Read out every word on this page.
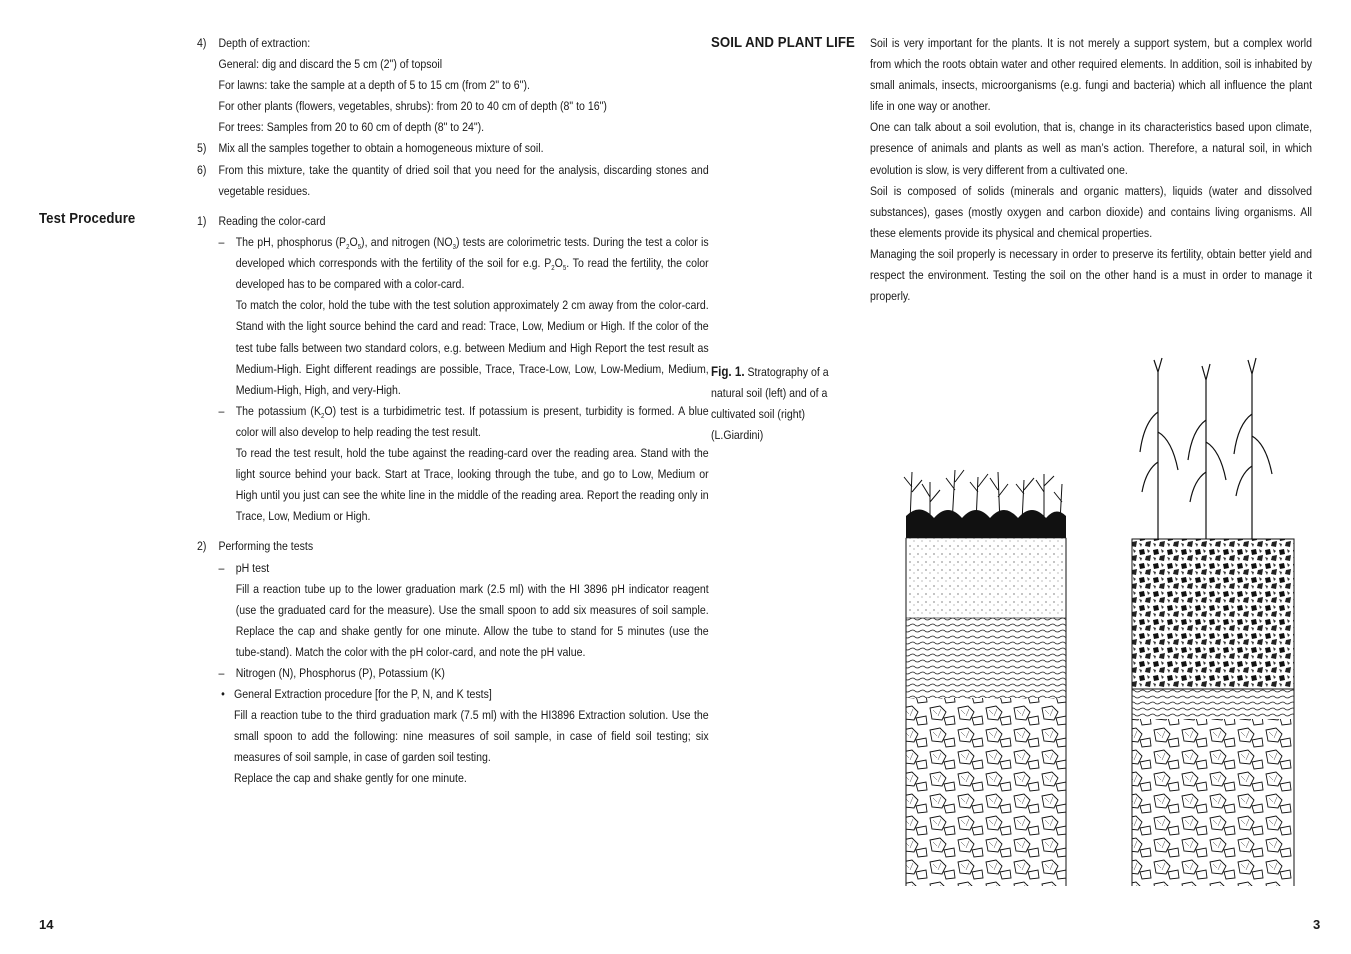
4) Depth of extraction:
General: dig and discard the 5 cm (2") of topsoil
For lawns: take the sample at a depth of 5 to 15 cm (from 2" to 6").
For other plants (flowers, vegetables, shrubs): from 20 to 40 cm of depth (8" to 16")
For trees: Samples from 20 to 60 cm of depth (8" to 24").
5) Mix all the samples together to obtain a homogeneous mixture of soil.
6) From this mixture, take the quantity of dried soil that you need for the analysis, discarding stones and vegetable residues.
Test Procedure	1) Reading the color-card
– The pH, phosphorus $(P_2O_5)$, and nitrogen $(NO_3)$ tests are colorimetric tests. During the test a color is developed which corresponds with the fertility of the soil for e.g. $P_2O_5$. To read the fertility, the color developed has to be compared with a color-card.
To match the color, hold the tube with the test solution approximately 2 cm away from the color-card. Stand with the light source behind the card and read: Trace, Low, Medium or High. If the color of the test tube falls between two standard colors, e.g. between Medium and High Report the test result as Medium-High. Eight different readings are possible, Trace, Trace-Low, Low, Low-Medium, Medium, Medium-High, High, and very-High.
– The potassium $(K_2O)$ test is a turbidimetric test. If potassium is present, turbidity is formed. A blue color will also develop to help reading the test result.
To read the test result, hold the tube against the reading-card over the reading area. Stand with the light source behind your back. Start at Trace, looking through the tube, and go to Low, Medium or High until you just can see the white line in the middle of the reading area. Report the reading only in Trace, Low, Medium or High.
2) Performing the tests
– pH test
Fill a reaction tube up to the lower graduation mark (2.5 ml) with the HI 3896 pH indicator reagent (use the graduated card for the measure). Use the small spoon to add six measures of soil sample. Replace the cap and shake gently for one minute. Allow the tube to stand for 5 minutes (use the tube-stand). Match the color with the pH color-card, and note the pH value.
– Nitrogen (N), Phosphorus (P), Potassium (K)
• General Extraction procedure [for the P, N, and K tests]
Fill a reaction tube to the third graduation mark (7.5 ml) with the HI3896 Extraction solution. Use the small spoon to add the following: nine measures of soil sample, in case of field soil testing; six measures of soil sample, in case of garden soil testing.
Replace the cap and shake gently for one minute.
14
SOIL AND PLANT LIFE Soil is very important for the plants. It is not merely a support system, but a complex world from which the roots obtain water and other required elements. In addition, soil is inhabited by small animals, insects, microorganisms (e.g. fungi and bacteria) which all influence the plant life in one way or another.
One can talk about a soil evolution, that is, change in its characteristics based upon climate, presence of animals and plants as well as man’s action. Therefore, a natural soil, in which evolution is slow, is very different from a cultivated one.
Soil is composed of solids (minerals and organic matters), liquids (water and dissolved substances), gases (mostly oxygen and carbon dioxide) and contains living organisms. All these elements provide its physical and chemical properties.
Managing the soil properly is necessary in order to preserve its fertility, obtain better yield and respect the environment. Testing the soil on the other hand is a must in order to manage it properly.
Fig. 1. Stratography of a natural soil (left) and of a cultivated soil (right) (L.Giardini)
3
